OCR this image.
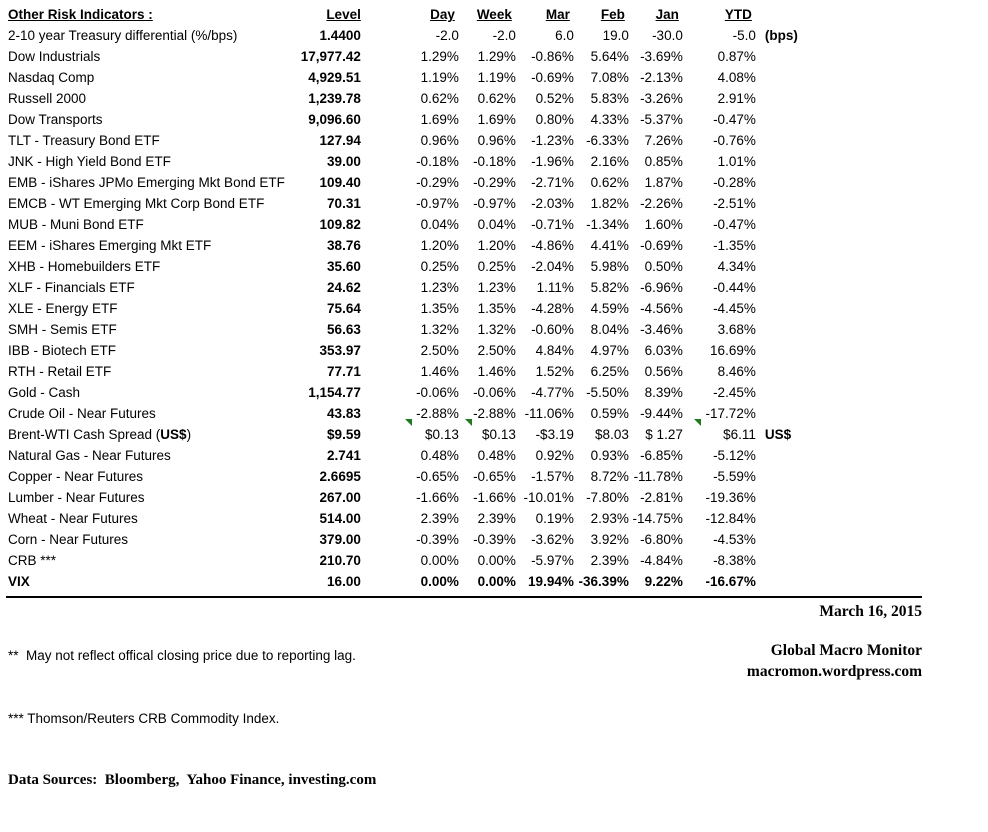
Other Risk Indicators :	Level	Day	Week	Mar	Feb	Jan	YTD	
2-10 year Treasury differential (%/bps)	1.4400	-2.0	-2.0	6.0	19.0	-30.0	-5.0	(bps)
Dow Industrials	17,977.42	1.29%	1.29%	-0.86%	5.64%	-3.69%	0.87%	
Nasdaq Comp	4,929.51	1.19%	1.19%	-0.69%	7.08%	-2.13%	4.08%	
Russell 2000	1,239.78	0.62%	0.62%	0.52%	5.83%	-3.26%	2.91%	
Dow Transports	9,096.60	1.69%	1.69%	0.80%	4.33%	-5.37%	-0.47%	
TLT - Treasury Bond ETF	127.94	0.96%	0.96%	-1.23%	-6.33%	7.26%	-0.76%	
JNK - High Yield Bond ETF	39.00	-0.18%	-0.18%	-1.96%	2.16%	0.85%	1.01%	
EMB - iShares JPMo Emerging Mkt Bond ETF	109.40	-0.29%	-0.29%	-2.71%	0.62%	1.87%	-0.28%	
EMCB - WT Emerging Mkt Corp Bond ETF	70.31	-0.97%	-0.97%	-2.03%	1.82%	-2.26%	-2.51%	
MUB - Muni Bond ETF	109.82	0.04%	0.04%	-0.71%	-1.34%	1.60%	-0.47%	
EEM - iShares Emerging Mkt ETF	38.76	1.20%	1.20%	-4.86%	4.41%	-0.69%	-1.35%	
XHB - Homebuilders ETF	35.60	0.25%	0.25%	-2.04%	5.98%	0.50%	4.34%	
XLF - Financials ETF	24.62	1.23%	1.23%	1.11%	5.82%	-6.96%	-0.44%	
XLE - Energy ETF	75.64	1.35%	1.35%	-4.28%	4.59%	-4.56%	-4.45%	
SMH - Semis ETF	56.63	1.32%	1.32%	-0.60%	8.04%	-3.46%	3.68%	
IBB - Biotech ETF	353.97	2.50%	2.50%	4.84%	4.97%	6.03%	16.69%	
RTH - Retail ETF	77.71	1.46%	1.46%	1.52%	6.25%	0.56%	8.46%	
Gold - Cash	1,154.77	-0.06%	-0.06%	-4.77%	-5.50%	8.39%	-2.45%	
Crude Oil - Near Futures	43.83	-2.88%	-2.88%	-11.06%	0.59%	-9.44%	-17.72%	
Brent-WTI Cash Spread (US$)	$9.59	$0.13	$0.13	-$3.19	$8.03	$ 1.27	$6.11	US$
Natural Gas - Near Futures	2.741	0.48%	0.48%	0.92%	0.93%	-6.85%	-5.12%	
Copper - Near Futures	2.6695	-0.65%	-0.65%	-1.57%	8.72%	-11.78%	-5.59%	
Lumber - Near Futures	267.00	-1.66%	-1.66%	-10.01%	-7.80%	-2.81%	-19.36%	
Wheat - Near Futures	514.00	2.39%	2.39%	0.19%	2.93%	-14.75%	-12.84%	
Corn - Near Futures	379.00	-0.39%	-0.39%	-3.62%	3.92%	-6.80%	-4.53%	
CRB ***	210.70	0.00%	0.00%	-5.97%	2.39%	-4.84%	-8.38%	
VIX	16.00	0.00%	0.00%	19.94%	-36.39%	9.22%	-16.67%	

**  May not reflect offical closing price due to reporting lag.

*** Thomson/Reuters CRB Commodity Index.

Data Sources:  Bloomberg,  Yahoo Finance, investing.com

March 16, 2015
Global Macro Monitor
macromon.wordpress.com
